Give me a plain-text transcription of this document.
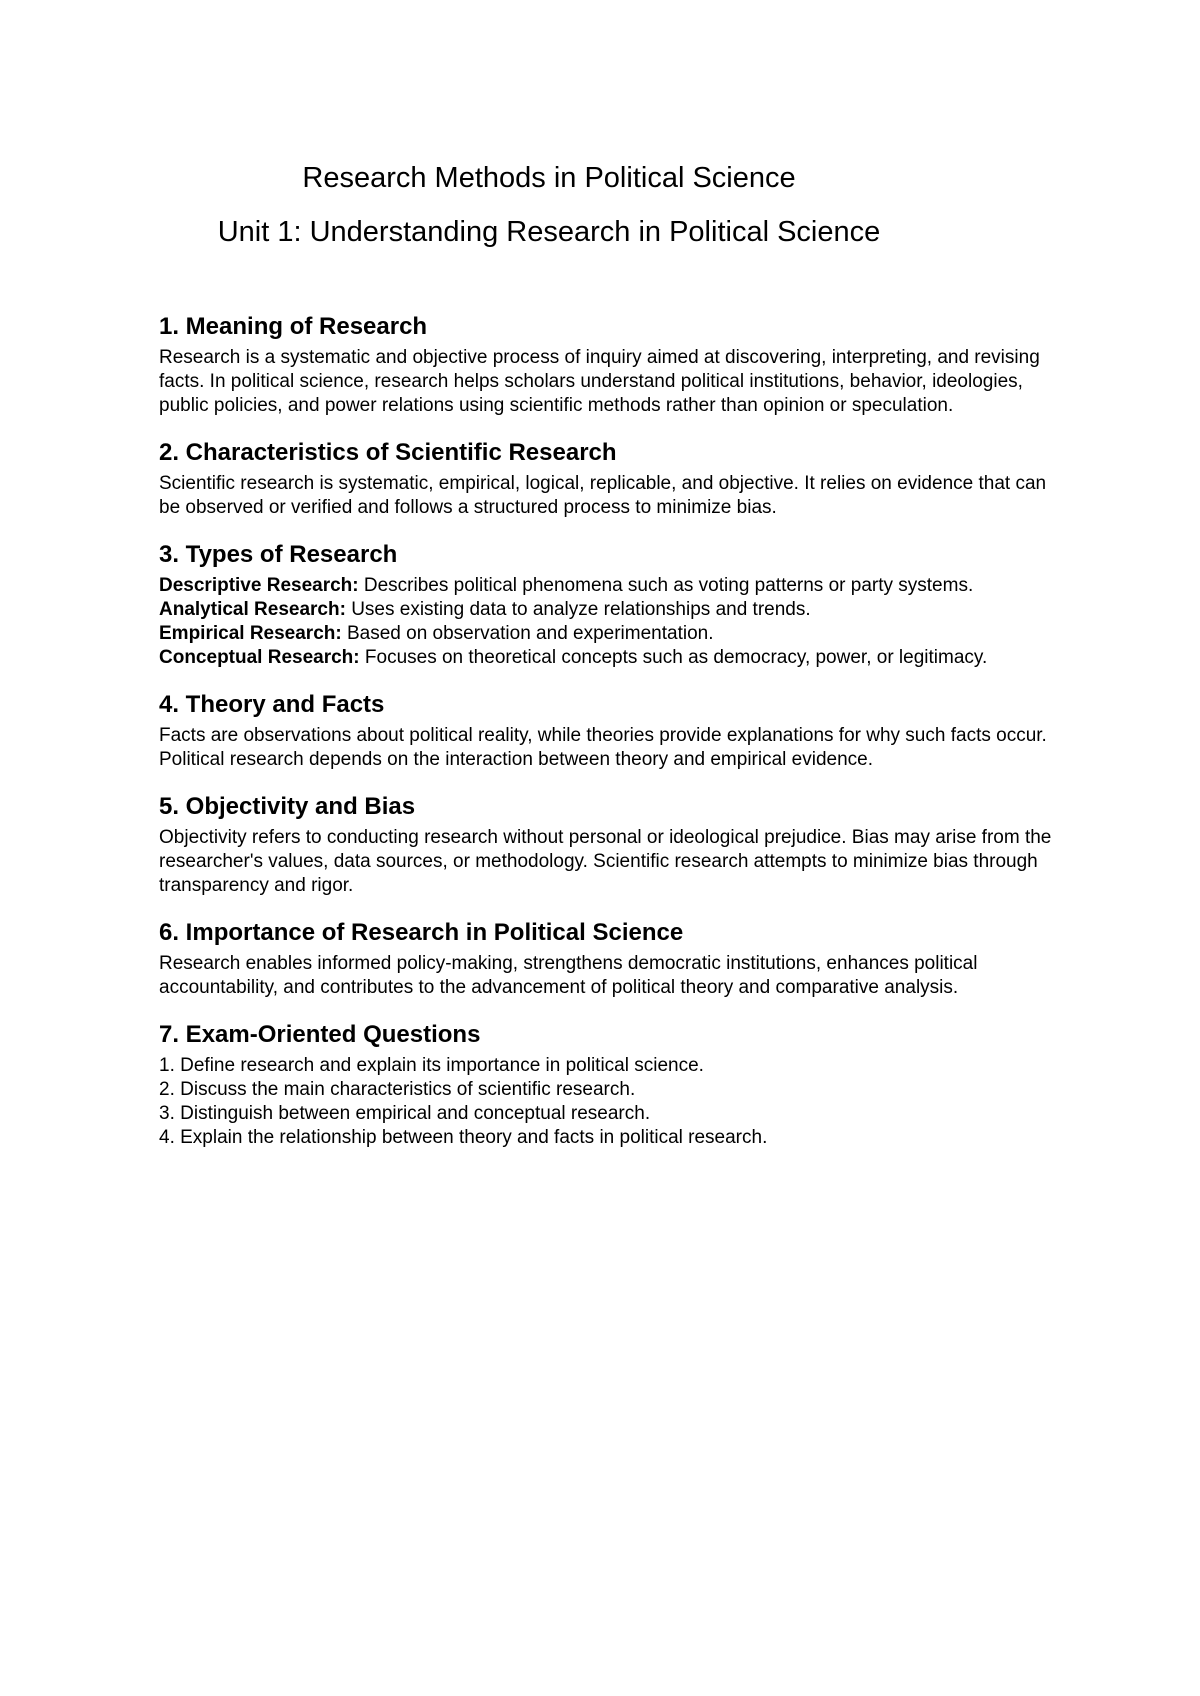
Research Methods in Political Science
Unit 1: Understanding Research in Political Science
1. Meaning of Research

Research is a systematic and objective process of inquiry aimed at discovering, interpreting, and revising facts. In political science, research helps scholars understand political institutions, behavior, ideologies, public policies, and power relations using scientific methods rather than opinion or speculation.

2. Characteristics of Scientific Research

Scientific research is systematic, empirical, logical, replicable, and objective. It relies on evidence that can be observed or verified and follows a structured process to minimize bias.

3. Types of Research
Descriptive Research: Describes political phenomena such as voting patterns or party systems.
Analytical Research: Uses existing data to analyze relationships and trends.
Empirical Research: Based on observation and experimentation.
Conceptual Research: Focuses on theoretical concepts such as democracy, power, or legitimacy.
4. Theory and Facts

Facts are observations about political reality, while theories provide explanations for why such facts occur. Political research depends on the interaction between theory and empirical evidence.

5. Objectivity and Bias

Objectivity refers to conducting research without personal or ideological prejudice. Bias may arise from the researcher's values, data sources, or methodology. Scientific research attempts to minimize bias through transparency and rigor.

6. Importance of Research in Political Science

Research enables informed policy-making, strengthens democratic institutions, enhances political accountability, and contributes to the advancement of political theory and comparative analysis.

7. Exam-Oriented Questions
1. Define research and explain its importance in political science.
2. Discuss the main characteristics of scientific research.
3. Distinguish between empirical and conceptual research.
4. Explain the relationship between theory and facts in political research.
